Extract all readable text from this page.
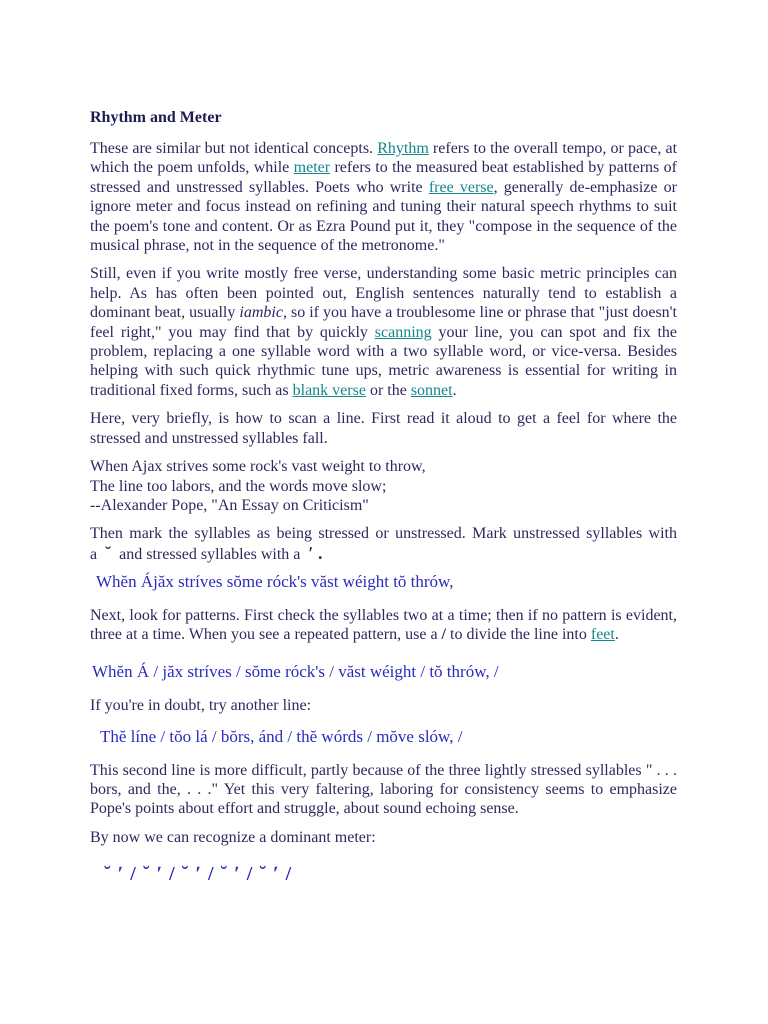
Rhythm and Meter

These are similar but not identical concepts. Rhythm refers to the overall tempo, or pace, at which the poem unfolds, while meter refers to the measured beat established by patterns of stressed and unstressed syllables. Poets who write free verse, generally de-emphasize or ignore meter and focus instead on refining and tuning their natural speech rhythms to suit the poem's tone and content. Or as Ezra Pound put it, they "compose in the sequence of the musical phrase, not in the sequence of the metronome."

Still, even if you write mostly free verse, understanding some basic metric principles can help. As has often been pointed out, English sentences naturally tend to establish a dominant beat, usually iambic, so if you have a troublesome line or phrase that "just doesn't feel right," you may find that by quickly scanning your line, you can spot and fix the problem, replacing a one syllable word with a two syllable word, or vice-versa. Besides helping with such quick rhythmic tune ups, metric awareness is essential for writing in traditional fixed forms, such as blank verse or the sonnet.

Here, very briefly, is how to scan a line. First read it aloud to get a feel for where the stressed and unstressed syllables fall.

When Ajax strives some rock's vast weight to throw,

The line too labors, and the words move slow;

--Alexander Pope, "An Essay on Criticism"

Then mark the syllables as being stressed or unstressed. Mark unstressed syllables with a ˘ and stressed syllables with a ʹ .

Whĕn Ájăx strívеs sŏme róck's văst wéight tŏ thrów,

Next, look for patterns. First check the syllables two at a time; then if no pattern is evident, three at a time. When you see a repeated pattern, use a / to divide the line into feet.

Whĕn Á / jăx strívеs / sŏme róck's / văst wéight / tŏ thrów, /

If you're in doubt, try another line:

Thĕ líne / tŏo lá / bŏrs, ánd / thĕ wórds / mŏve slów, /

This second line is more difficult, partly because of the three lightly stressed syllables " . . . bors, and the, . . ." Yet this very faltering, laboring for consistency seems to emphasize Pope's points about effort and struggle, about sound echoing sense.

By now we can recognize a dominant meter:

˘ ʹ / ˘ ʹ / ˘ ʹ / ˘ ʹ / ˘ ʹ /
